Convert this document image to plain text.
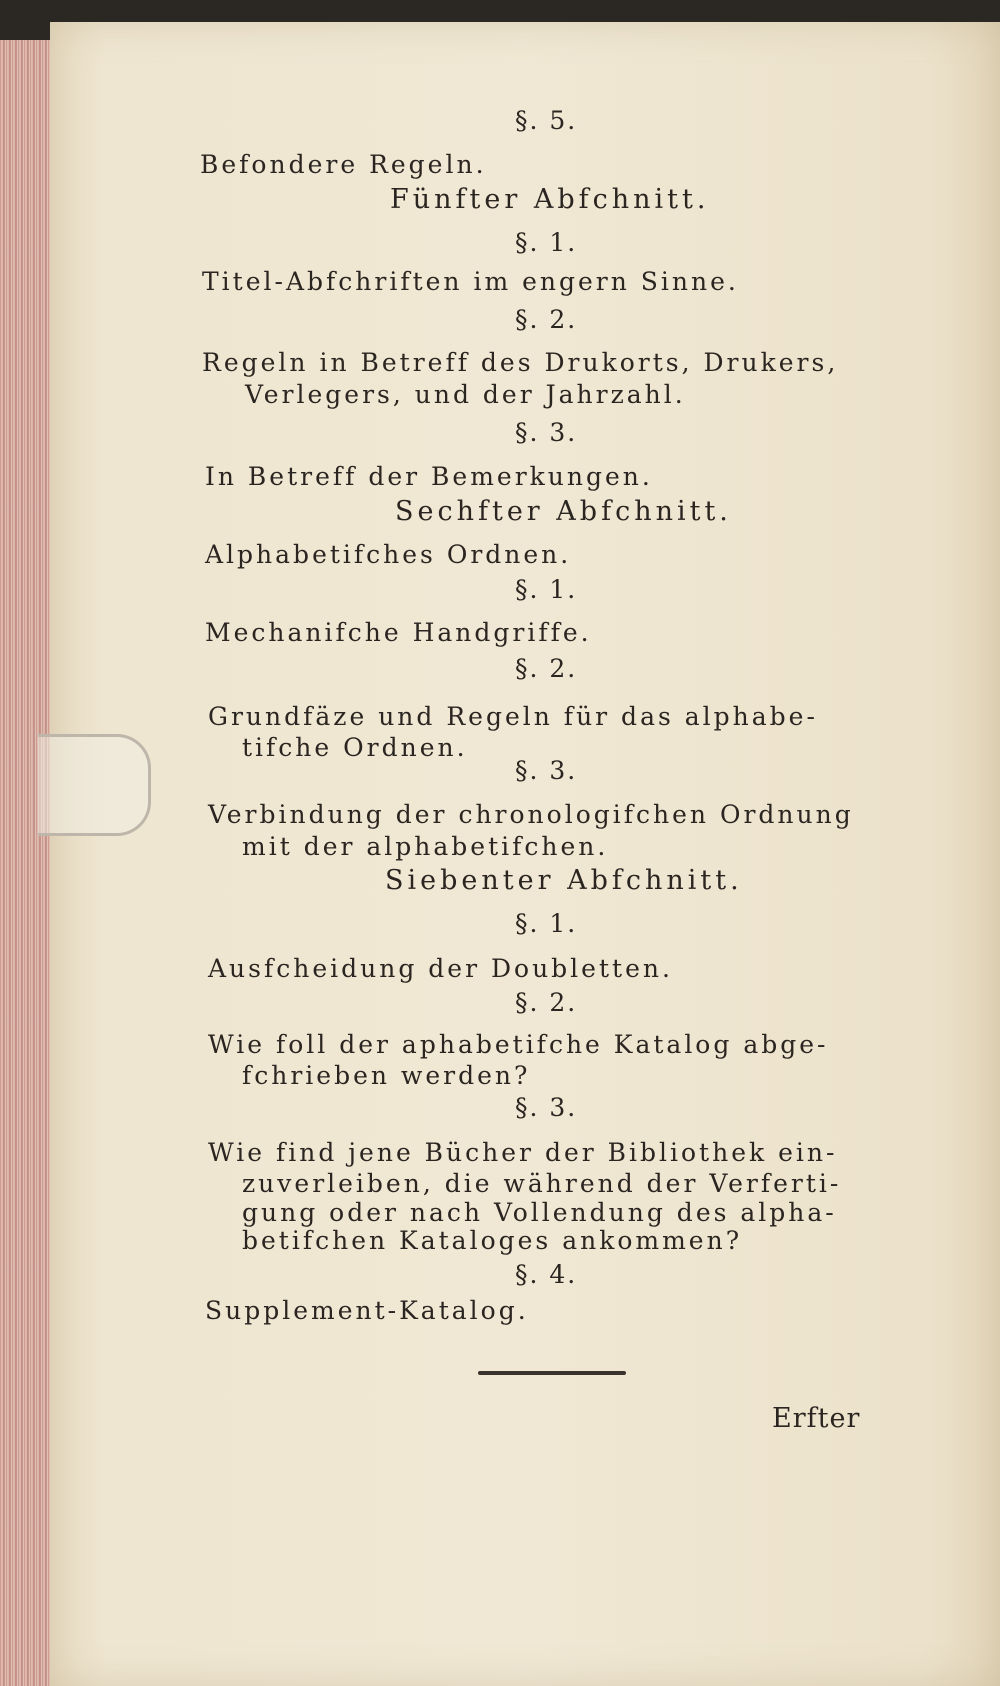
§. 5.
Befondere Regeln.
Fünfter Abfchnitt.
§. 1.
Titel-Abfchriften im engern Sinne.
§. 2.
Regeln in Betreff des Drukorts, Drukers,
Verlegers, und der Jahrzahl.
§. 3.
In Betreff der Bemerkungen.
Sechfter Abfchnitt.
Alphabetifches Ordnen.
§. 1.
Mechanifche Handgriffe.
§. 2.
Grundfäze und Regeln für das alphabe-
tifche Ordnen.
§. 3.
Verbindung der chronologifchen Ordnung
mit der alphabetifchen.
Siebenter Abfchnitt.
§. 1.
Ausfcheidung der Doubletten.
§. 2.
Wie foll der aphabetifche Katalog abge-
fchrieben werden?
§. 3.
Wie find jene Bücher der Bibliothek ein-
zuverleiben, die während der Verferti-
gung oder nach Vollendung des alpha-
betifchen Kataloges ankommen?
§. 4.
Supplement-Katalog.
Erfter
